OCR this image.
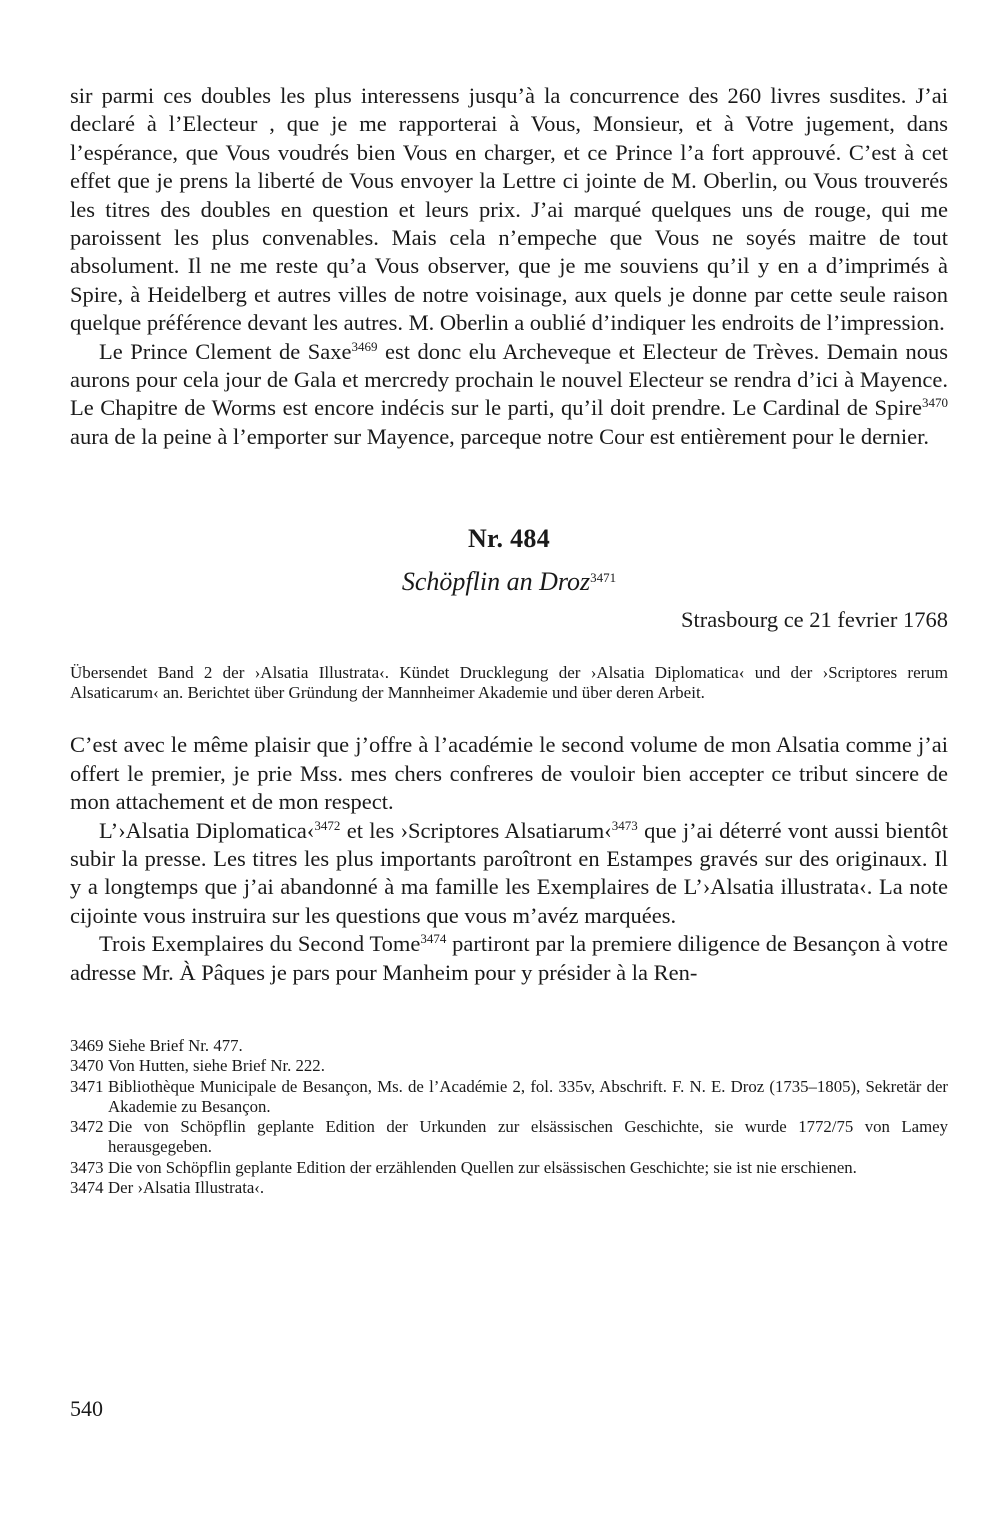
sir parmi ces doubles les plus interessens jusqu’à la concurrence des 260 livres susdites. J’ai declaré à l’Electeur , que je me rapporterai à Vous, Monsieur, et à Votre jugement, dans l’espérance, que Vous voudrés bien Vous en charger, et ce Prince l’a fort approuvé. C’est à cet effet que je prens la liberté de Vous envoyer la Lettre ci jointe de M. Oberlin, ou Vous trouverés les titres des doubles en question et leurs prix. J’ai marqué quelques uns de rouge, qui me paroissent les plus convenables. Mais cela n’empeche que Vous ne soyés maitre de tout absolument. Il ne me reste qu’a Vous observer, que je me souviens qu’il y en a d’imprimés à Spire, à Heidelberg et autres villes de notre voisinage, aux quels je donne par cette seule raison quelque préférence devant les autres. M. Oberlin a oublié d’indiquer les endroits de l’impression.

Le Prince Clement de Saxe$^{3469}$ est donc elu Archeveque et Electeur de Trèves. Demain nous aurons pour cela jour de Gala et mercredy prochain le nouvel Electeur se rendra d’ici à Mayence. Le Chapitre de Worms est encore indécis sur le parti, qu’il doit prendre. Le Cardinal de Spire$^{3470}$ aura de la peine à l’emporter sur Mayence, parceque notre Cour est entièrement pour le dernier.

Nr. 484
Schöpflin an Droz$^{3471}$
Strasbourg ce 21 fevrier 1768
Übersendet Band 2 der ›Alsatia Illustrata‹. Kündet Drucklegung der ›Alsatia Diplomatica‹ und der ›Scriptores rerum Alsaticarum‹ an. Berichtet über Gründung der Mannheimer Akademie und über deren Arbeit.

C’est avec le même plaisir que j’offre à l’académie le second volume de mon Alsatia comme j’ai offert le premier, je prie Mss. mes chers confreres de vouloir bien accepter ce tribut sincere de mon attachement et de mon respect.

L’›Alsatia Diplomatica‹$^{3472}$ et les ›Scriptores Alsatiarum‹$^{3473}$ que j’ai déterré vont aussi bientôt subir la presse. Les titres les plus importants paroîtront en Estampes gravés sur des originaux. Il y a longtemps que j’ai abandonné à ma famille les Exemplaires de L’›Alsatia illustrata‹. La note cijointe vous instruira sur les questions que vous m’avéz marquées.

Trois Exemplaires du Second Tome$^{3474}$ partiront par la premiere diligence de Besançon à votre adresse Mr. À Pâques je pars pour Manheim pour y présider à la Ren-

3469 Siehe Brief Nr. 477.
3470 Von Hutten, siehe Brief Nr. 222.
3471 Bibliothèque Municipale de Besançon, Ms. de l’Académie 2, fol. 335v, Abschrift. F. N. E. Droz (1735–1805), Sekretär der Akademie zu Besançon.
3472 Die von Schöpflin geplante Edition der Urkunden zur elsässischen Geschichte, sie wurde 1772/75 von Lamey herausgegeben.
3473 Die von Schöpflin geplante Edition der erzählenden Quellen zur elsässischen Geschichte; sie ist nie erschienen.
3474 Der ›Alsatia Illustrata‹.
540
